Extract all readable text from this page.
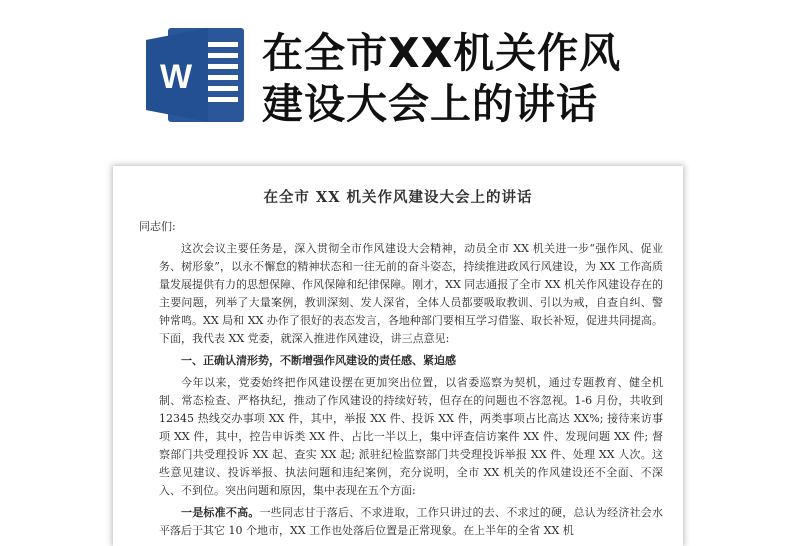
W 在全市XX机关作风
建设大会上的讲话
在全市 XX 机关作风建设大会上的讲话
同志们:

这次会议主要任务是，深入贯彻全市作风建设大会精神，动员全市 XX 机关进一步“强作风、促业务、树形象”，以永不懈怠的精神状态和一往无前的奋斗姿态，持续推进政风行风建设，为 XX 工作高质量发展提供有力的思想保障、作风保障和纪律保障。刚才，XX 同志通报了全市 XX 机关作风建设存在的主要问题，列举了大量案例，教训深刻、发人深省，全体人员都要吸取教训、引以为戒，自查自纠、警钟常鸣。XX 局和 XX 办作了很好的表态发言，各地种部门要相互学习借鉴、取长补短，促进共同提高。下面，我代表 XX 党委，就深入推进作风建设，讲三点意见:

一、正确认清形势，不断增强作风建设的责任感、紧迫感

今年以来，党委始终把作风建设摆在更加突出位置，以省委巡察为契机，通过专题教育、健全机制、常态检查、严格执纪，推动了作风建设的持续好转，但存在的问题也不容忽视。1-6 月份，共收到 12345 热线交办事项 XX 件，其中，举报 XX 件、投诉 XX 件，两类事项占比高达 XX%; 接待来访事项 XX 件，其中，控告申诉类 XX 件、占比一半以上，集中评查信访案件 XX 件、发现问题 XX 件; 督察部门共受理投诉 XX 起、查实 XX 起; 派驻纪检监察部门共受理投诉举报 XX 件、处理 XX 人次。这些意见建议、投诉举报、执法问题和违纪案例，充分说明，全市 XX 机关的作风建设还不全面、不深入、不到位。突出问题和原因，集中表现在五个方面:

一是标准不高。一些同志甘于落后、不求进取，工作只讲过的去、不求过的硬，总认为经济社会水平落后于其它 10 个地市，XX 工作也处落后位置是正常现象。在上半年的全省 XX 机
